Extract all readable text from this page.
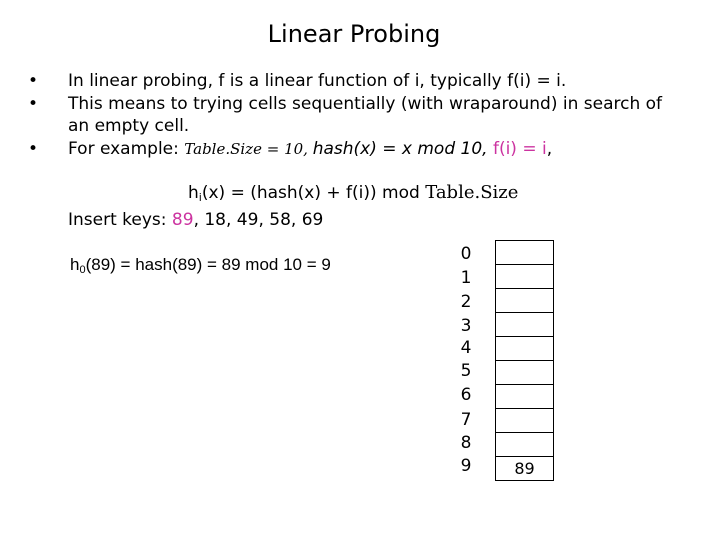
Linear Probing
• In linear probing, f is a linear function of i, typically f(i) = i.
• This means to trying cells sequentially (with wraparound) in search of an empty cell.
• For example: Table.Size = 10, hash(x) = x mod 10, f(i) = i,
$h_i(x)$ = (hash(x) + f(i)) mod Table.Size
Insert keys: 89, 18, 49, 58, 69
$h_0(89)$ = hash(89) = 89 mod 10 = 9
0
1
2
3
4
5
6
7
8
9	89
